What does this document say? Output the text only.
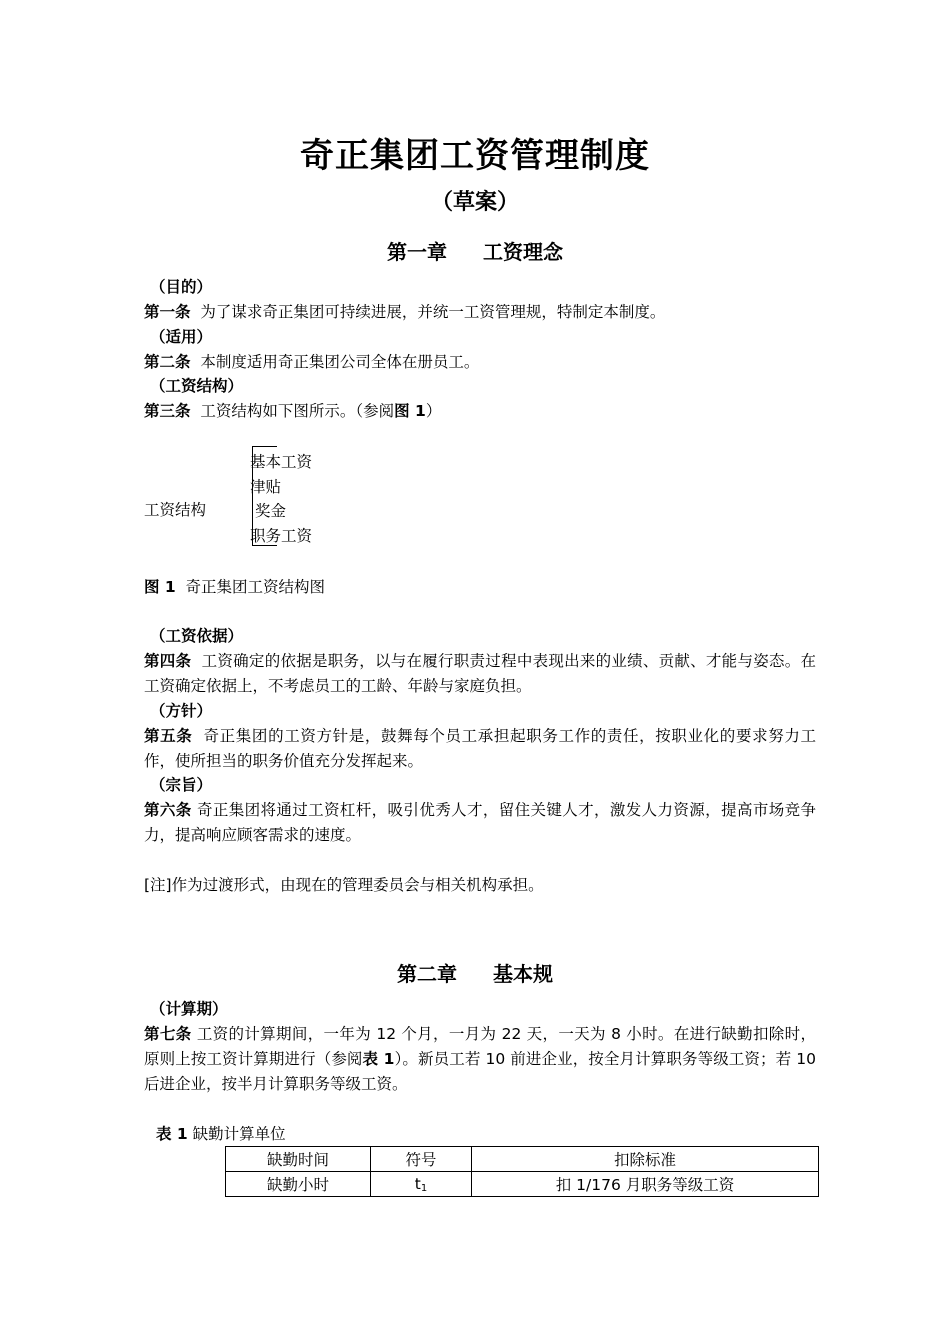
奇正集团工资管理制度
（草案）
第一章 工资理念
（目的）
第一条 为了谋求奇正集团可持续进展，并统一工资管理规，特制定本制度。
（适用）
第二条 本制度适用奇正集团公司全体在册员工。
（工资结构）
第三条 工资结构如下图所示。（参阅图 1）
工资结构
基本工资
津贴
奖金
职务工资
图 1 奇正集团工资结构图
（工资依据）
第四条 工资确定的依据是职务，以与在履行职责过程中表现出来的业绩、贡献、才能与姿态。在工资确定依据上，不考虑员工的工龄、年龄与家庭负担。
（方针）
第五条 奇正集团的工资方针是，鼓舞每个员工承担起职务工作的责任，按职业化的要求努力工作，使所担当的职务价值充分发挥起来。
（宗旨）
第六条 奇正集团将通过工资杠杆，吸引优秀人才，留住关键人才，激发人力资源，提高市场竞争力，提高响应顾客需求的速度。
[注]作为过渡形式，由现在的管理委员会与相关机构承担。
第二章 基本规
（计算期）
第七条 工资的计算期间，一年为 12 个月，一月为 22 天，一天为 8 小时。在进行缺勤扣除时，原则上按工资计算期进行（参阅表 1）。新员工若 10 前进企业，按全月计算职务等级工资；若 10 后进企业，按半月计算职务等级工资。
表 1 缺勤计算单位
缺勤时间	符号	扣除标准
缺勤小时	$t_1$	扣 1/176 月职务等级工资
